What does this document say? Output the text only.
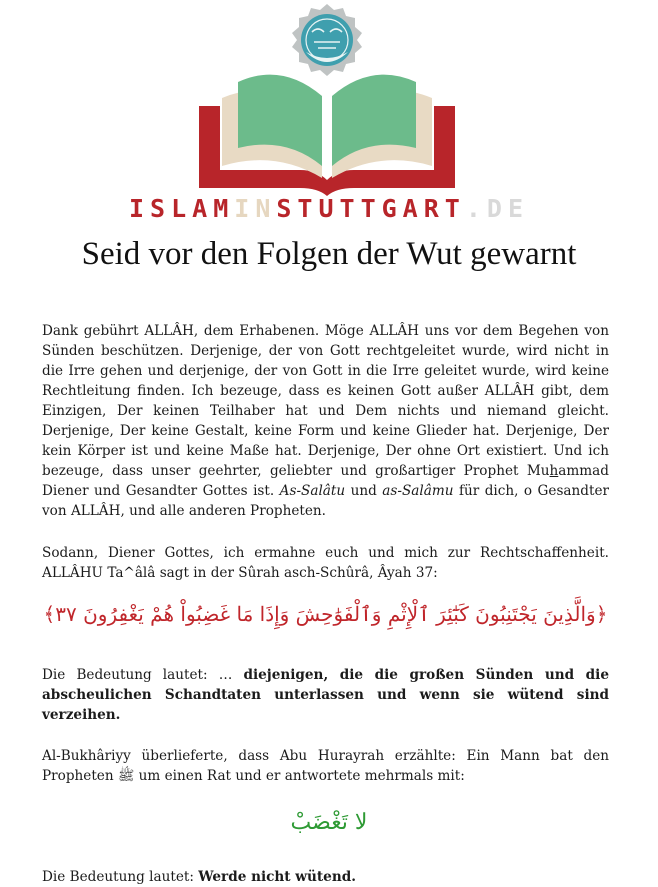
ISLAMINSTUTTGART.DE
Seid vor den Folgen der Wut gewarnt

Dank gebührt ALLÂH, dem Erhabenen. Möge ALLÂH uns vor dem Begehen von Sünden beschützen. Derjenige, der von Gott rechtgeleitet wurde, wird nicht in die Irre gehen und derjenige, der von Gott in die Irre geleitet wurde, wird keine Rechtleitung finden. Ich bezeuge, dass es keinen Gott außer ALLÂH gibt, dem Einzigen, Der keinen Teilhaber hat und Dem nichts und niemand gleicht. Derjenige, Der keine Gestalt, keine Form und keine Glieder hat. Derjenige, Der kein Körper ist und keine Maße hat. Derjenige, Der ohne Ort existiert. Und ich bezeuge, dass unser geehrter, geliebter und großartiger Prophet Muhammad Diener und Gesandter Gottes ist. As-Salâtu und as-Salâmu für dich, o Gesandter von ALLÂH, und alle anderen Propheten.

Sodann, Diener Gottes, ich ermahne euch und mich zur Rechtschaffenheit. ALLÂHU Ta^âlâ sagt in der Sûrah asch-Schûrâ, Âyah 37:

﴿وَالَّذِينَ يَجْتَنِبُونَ كَبَٰٓئِرَ ٱلْإِثْمِ وَٱلْفَوَٰحِشَ وَإِذَا مَا غَضِبُواْ هُمْ يَغْفِرُونَ ٣٧﴾

Die Bedeutung lautet: … diejenigen, die die großen Sünden und die abscheulichen Schandtaten unterlassen und wenn sie wütend sind verzeihen.

Al-Bukhâriyy überlieferte, dass Abu Hurayrah erzählte: Ein Mann bat den Propheten ﷺ um einen Rat und er antwortete mehrmals mit:

لا تَغْضَبْ

Die Bedeutung lautet: Werde nicht wütend.
